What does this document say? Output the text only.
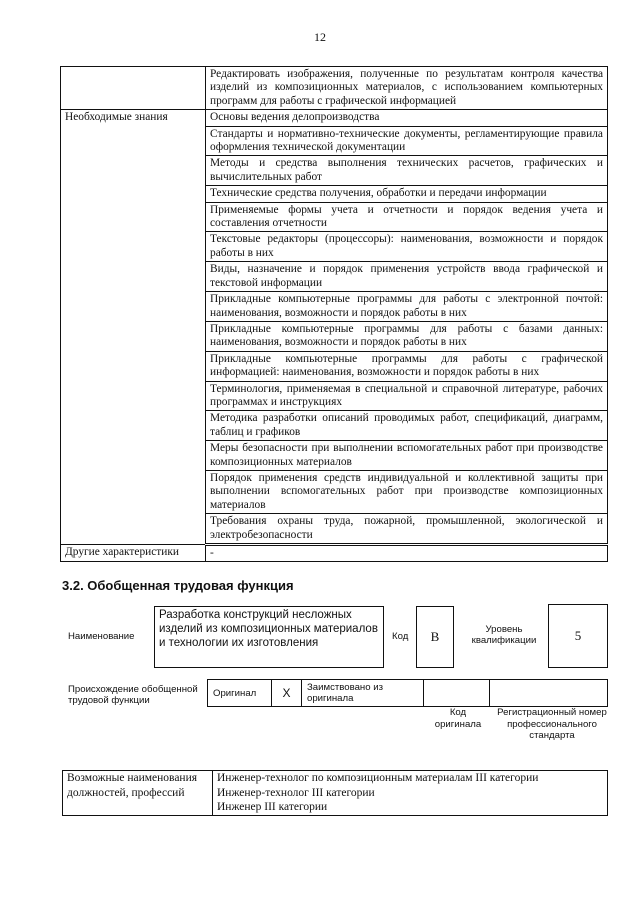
12
	Редактировать изображения, полученные по результатам контроля качества изделий из композиционных материалов, с использованием компьютерных программ для работы с графической информацией
Необходимые знания	Основы ведения делопроизводства
	Стандарты и нормативно-технические документы, регламентирующие правила оформления технической документации
	Методы и средства выполнения технических расчетов, графических и вычислительных работ
	Технические средства получения, обработки и передачи информации
	Применяемые формы учета и отчетности и порядок ведения учета и составления отчетности
	Текстовые редакторы (процессоры): наименования, возможности и порядок работы в них
	Виды, назначение и порядок применения устройств ввода графической и текстовой информации
	Прикладные компьютерные программы для работы с электронной почтой: наименования, возможности и порядок работы в них
	Прикладные компьютерные программы для работы с базами данных: наименования, возможности и порядок работы в них
	Прикладные компьютерные программы для работы с графической информацией: наименования, возможности и порядок работы в них
	Терминология, применяемая в специальной и справочной литературе, рабочих программах и инструкциях
	Методика разработки описаний проводимых работ, спецификаций, диаграмм, таблиц и графиков
	Меры безопасности при выполнении вспомогательных работ при производстве композиционных материалов
	Порядок применения средств индивидуальной и коллективной защиты при выполнении вспомогательных работ при производстве композиционных материалов
	Требования охраны труда, пожарной, промышленной, экологической и электробезопасности
Другие характеристики	-
3.2. Обобщенная трудовая функция
Наименование
Разработка конструкций несложных изделий из композиционных материалов и технологии их изготовления
Код	B	Уровень квалификации	5
Происхождение обобщенной трудовой функции
Оригинал	X	Заимствовано из оригинала		
Код оригинала
Регистрационный номер профессионального стандарта
Возможные наименования должностей, профессий	
Инженер-технолог по композиционным материалам III категории
Инженер-технолог III категории
Инженер III категории
